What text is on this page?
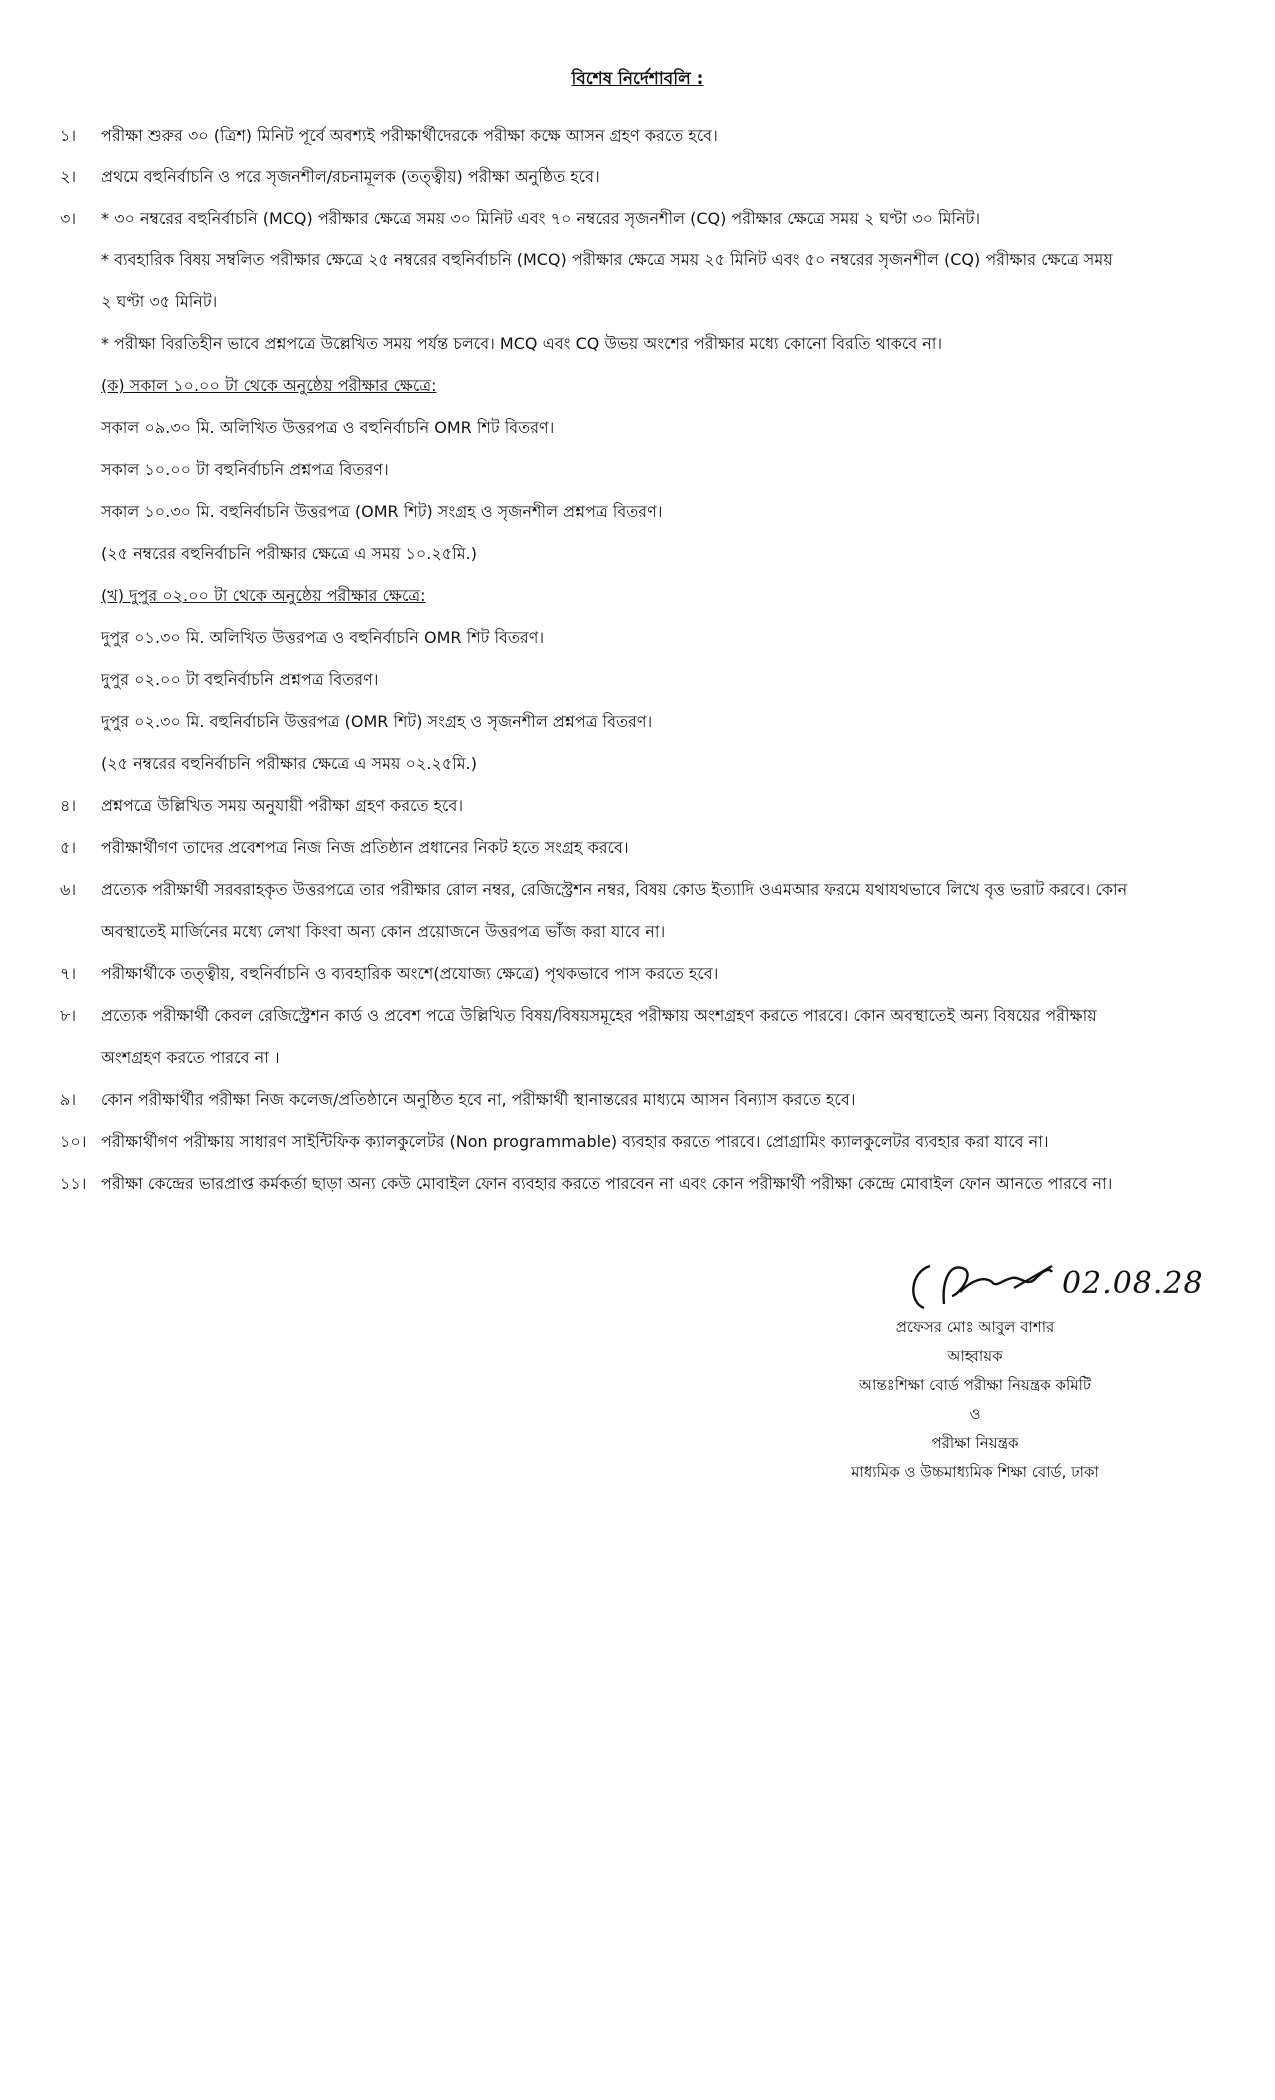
বিশেষ নির্দেশাবলি :
১।	পরীক্ষা শুরুর ৩০ (ত্রিশ) মিনিট পূর্বে অবশ্যই পরীক্ষার্থীদেরকে পরীক্ষা কক্ষে আসন গ্রহণ করতে হবে।
২।	প্রথমে বহুনির্বাচনি ও পরে সৃজনশীল/রচনামূলক (তত্ত্বীয়) পরীক্ষা অনুষ্ঠিত হবে।
৩।	* ৩০ নম্বরের বহুনির্বাচনি (MCQ) পরীক্ষার ক্ষেত্রে সময় ৩০ মিনিট এবং ৭০ নম্বরের সৃজনশীল (CQ) পরীক্ষার ক্ষেত্রে সময় ২ ঘণ্টা ৩০ মিনিট।
* ব্যবহারিক বিষয় সম্বলিত পরীক্ষার ক্ষেত্রে ২৫ নম্বরের বহুনির্বাচনি (MCQ) পরীক্ষার ক্ষেত্রে সময় ২৫ মিনিট এবং ৫০ নম্বরের সৃজনশীল (CQ) পরীক্ষার ক্ষেত্রে সময়
২ ঘণ্টা ৩৫ মিনিট।
* পরীক্ষা বিরতিহীন ভাবে প্রশ্নপত্রে উল্লেখিত সময় পর্যন্ত চলবে। MCQ এবং CQ উভয় অংশের পরীক্ষার মধ্যে কোনো বিরতি থাকবে না।
(ক) সকাল ১০.০০ টা থেকে অনুষ্ঠেয় পরীক্ষার ক্ষেত্রে:
সকাল ০৯.৩০ মি. অলিখিত উত্তরপত্র ও বহুনির্বাচনি OMR শিট বিতরণ।
সকাল ১০.০০ টা বহুনির্বাচনি প্রশ্নপত্র বিতরণ।
সকাল ১০.৩০ মি. বহুনির্বাচনি উত্তরপত্র (OMR শিট) সংগ্রহ ও সৃজনশীল প্রশ্নপত্র বিতরণ।
(২৫ নম্বরের বহুনির্বাচনি পরীক্ষার ক্ষেত্রে এ সময় ১০.২৫মি.)
(খ) দুপুর ০২.০০ টা থেকে অনুষ্ঠেয় পরীক্ষার ক্ষেত্রে:
দুপুর ০১.৩০ মি. অলিখিত উত্তরপত্র ও বহুনির্বাচনি OMR শিট বিতরণ।
দুপুর ০২.০০ টা বহুনির্বাচনি প্রশ্নপত্র বিতরণ।
দুপুর ০২.৩০ মি. বহুনির্বাচনি উত্তরপত্র (OMR শিট) সংগ্রহ ও সৃজনশীল প্রশ্নপত্র বিতরণ।
(২৫ নম্বরের বহুনির্বাচনি পরীক্ষার ক্ষেত্রে এ সময় ০২.২৫মি.)
৪।	প্রশ্নপত্রে উল্লিখিত সময় অনুযায়ী পরীক্ষা গ্রহণ করতে হবে।
৫।	পরীক্ষার্থীগণ তাদের প্রবেশপত্র নিজ নিজ প্রতিষ্ঠান প্রধানের নিকট হতে সংগ্রহ করবে।
৬।	প্রত্যেক পরীক্ষার্থী সরবরাহকৃত উত্তরপত্রে তার পরীক্ষার রোল নম্বর, রেজিস্ট্রেশন নম্বর, বিষয় কোড ইত্যাদি ওএমআর ফরমে যথাযথভাবে লিখে বৃত্ত ভরাট করবে। কোন
অবস্থাতেই মার্জিনের মধ্যে লেখা কিংবা অন্য কোন প্রয়োজনে উত্তরপত্র ভাঁজ করা যাবে না।
৭।	পরীক্ষার্থীকে তত্ত্বীয়, বহুনির্বাচনি ও ব্যবহারিক অংশে(প্রযোজ্য ক্ষেত্রে) পৃথকভাবে পাস করতে হবে।
৮।	প্রত্যেক পরীক্ষার্থী কেবল রেজিস্ট্রেশন কার্ড ও প্রবেশ পত্রে উল্লিখিত বিষয়/বিষয়সমূহের পরীক্ষায় অংশগ্রহণ করতে পারবে। কোন অবস্থাতেই অন্য বিষয়ের পরীক্ষায়
অংশগ্রহণ করতে পারবে না ।
৯।	কোন পরীক্ষার্থীর পরীক্ষা নিজ কলেজ/প্রতিষ্ঠানে অনুষ্ঠিত হবে না, পরীক্ষার্থী স্থানান্তরের মাধ্যমে আসন বিন্যাস করতে হবে।
১০। পরীক্ষার্থীগণ পরীক্ষায় সাধারণ সাইন্টিফিক ক্যালকুলেটর (Non programmable) ব্যবহার করতে পারবে। প্রোগ্রামিং ক্যালকুলেটর ব্যবহার করা যাবে না।
১১। পরীক্ষা কেন্দ্রের ভারপ্রাপ্ত কর্মকর্তা ছাড়া অন্য কেউ মোবাইল ফোন ব্যবহার করতে পারবেন না এবং কোন পরীক্ষার্থী পরীক্ষা কেন্দ্রে মোবাইল ফোন আনতে পারবে না।
02.08.28
প্রফেসর মোঃ আবুল বাশার
আহ্বায়ক
আন্তঃশিক্ষা বোর্ড পরীক্ষা নিয়ন্ত্রক কমিটি
ও
পরীক্ষা নিয়ন্ত্রক
মাধ্যমিক ও উচ্চমাধ্যমিক শিক্ষা বোর্ড, ঢাকা
